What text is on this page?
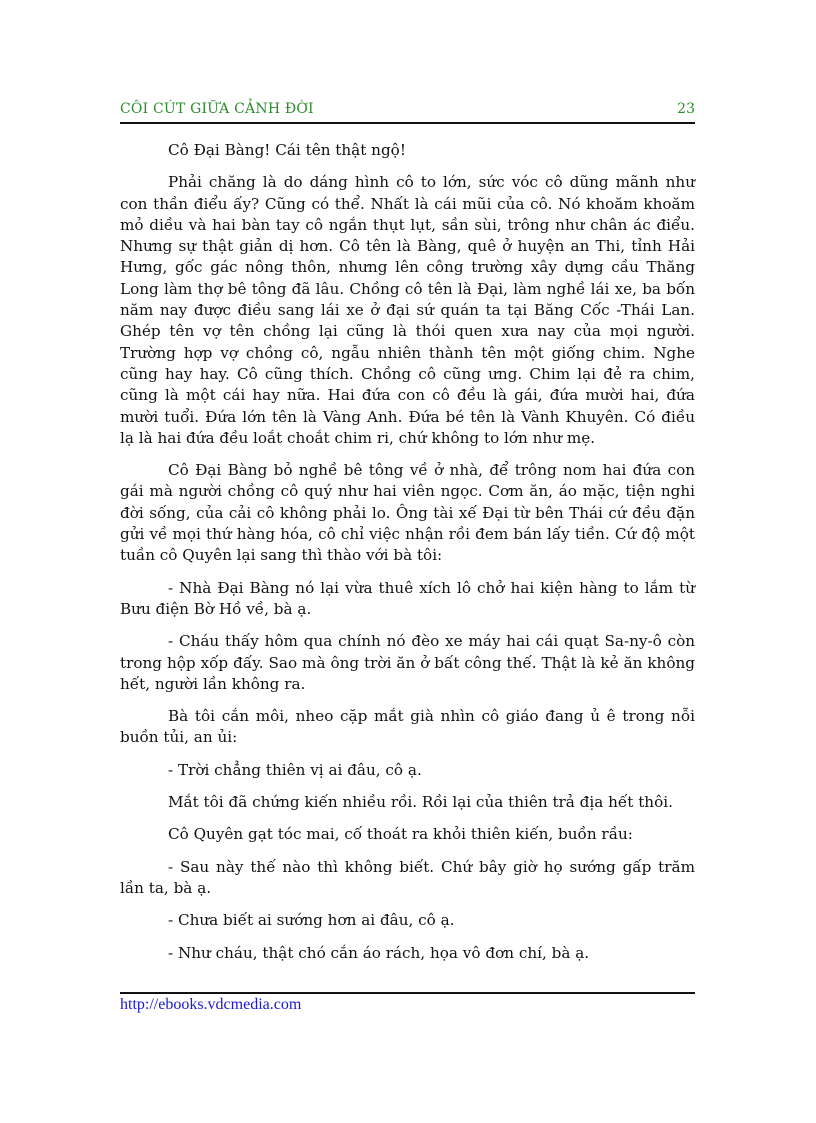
CÔI CÚT GIỮA CẢNH ĐỜI	23

Cô Đại Bàng! Cái tên thật ngộ!

Phải chăng là do dáng hình cô to lớn, sức vóc cô dũng mãnh như con thần điểu ấy? Cũng có thể. Nhất là cái mũi của cô. Nó khoăm khoăm mỏ diều và hai bàn tay cô ngắn thụt lụt, sần sùi, trông như chân ác điểu. Nhưng sự thật giản dị hơn. Cô tên là Bàng, quê ở huyện an Thi, tỉnh Hải Hưng, gốc gác nông thôn, nhưng lên công trường xây dựng cầu Thăng Long làm thợ bê tông đã lâu. Chồng cô tên là Đại, làm nghề lái xe, ba bốn năm nay được điều sang lái xe ở đại sứ quán ta tại Băng Cốc -Thái Lan. Ghép tên vợ tên chồng lại cũng là thói quen xưa nay của mọi người. Trường hợp vợ chồng cô, ngẫu nhiên thành tên một giống chim. Nghe cũng hay hay. Cô cũng thích. Chồng cô cũng ưng. Chim lại đẻ ra chim, cũng là một cái hay nữa. Hai đứa con cô đều là gái, đứa mười hai, đứa mười tuổi. Đứa lớn tên là Vàng Anh. Đứa bé tên là Vành Khuyên. Có điều lạ là hai đứa đều loắt choắt chim ri, chứ không to lớn như mẹ.

Cô Đại Bàng bỏ nghề bê tông về ở nhà, để trông nom hai đứa con gái mà người chồng cô quý như hai viên ngọc. Cơm ăn, áo mặc, tiện nghi đời sống, của cải cô không phải lo. Ông tài xế Đại từ bên Thái cứ đều đặn gửi về mọi thứ hàng hóa, cô chỉ việc nhận rồi đem bán lấy tiền. Cứ độ một tuần cô Quyên lại sang thì thào với bà tôi:

- Nhà Đại Bàng nó lại vừa thuê xích lô chở hai kiện hàng to lắm từ Bưu điện Bờ Hồ về, bà ạ.

- Cháu thấy hôm qua chính nó đèo xe máy hai cái quạt Sa-ny-ô còn trong hộp xốp đấy. Sao mà ông trời ăn ở bất công thế. Thật là kẻ ăn không hết, người lần không ra.

Bà tôi cắn môi, nheo cặp mắt già nhìn cô giáo đang ủ ê trong nỗi buồn tủi, an ủi:

- Trời chẳng thiên vị ai đâu, cô ạ.

Mắt tôi đã chứng kiến nhiều rồi. Rồi lại của thiên trả địa hết thôi.

Cô Quyên gạt tóc mai, cố thoát ra khỏi thiên kiến, buồn rầu:

- Sau này thế nào thì không biết. Chứ bây giờ họ sướng gấp trăm lần ta, bà ạ.

- Chưa biết ai sướng hơn ai đâu, cô ạ.

- Như cháu, thật chó cắn áo rách, họa vô đơn chí, bà ạ.

http://ebooks.vdcmedia.com
